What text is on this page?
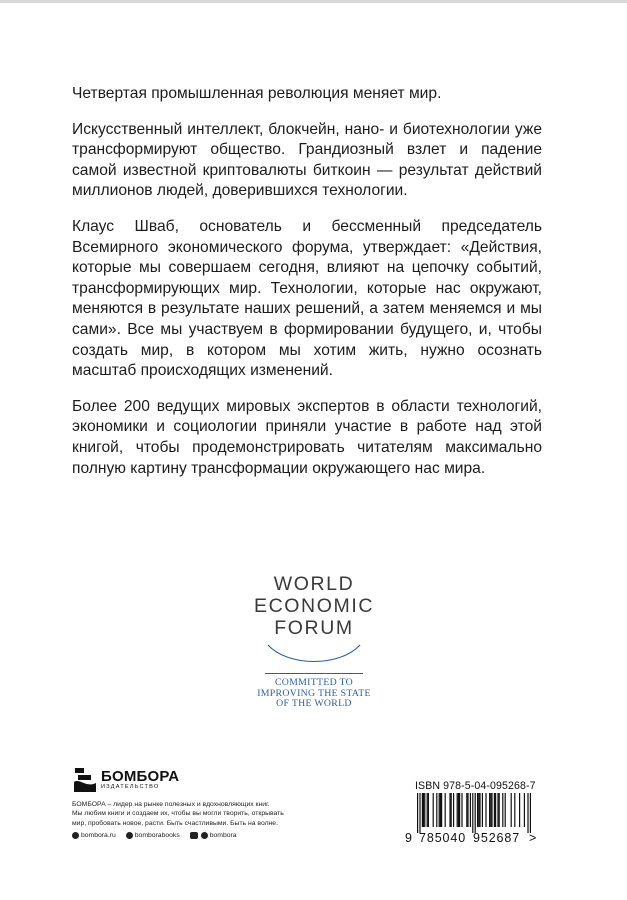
Четвертая промышленная революция меняет мир.

Искусственный интеллект, блокчейн, нано- и биотехнологии уже трансформируют общество. Грандиозный взлет и падение самой известной криптовалюты биткоин — результат действий миллионов людей, доверившихся технологии.

Клаус Шваб, основатель и бессменный председатель Всемирного экономического форума, утверждает: «Действия, которые мы совершаем сегодня, влияют на цепочку событий, трансформирующих мир. Технологии, которые нас окружают, меняются в результате наших решений, а затем меняемся и мы сами». Все мы участвуем в формировании будущего, и, чтобы создать мир, в котором мы хотим жить, нужно осознать масштаб происходящих изменений.

Более 200 ведущих мировых экспертов в области технологий, экономики и социологии приняли участие в работе над этой книгой, чтобы продемонстрировать читателям максимально полную картину трансформации окружающего нас мира.

WORLD
ECONOMIC
FORUM
COMMITTED TO
IMPROVING THE STATE
OF THE WORLD
БОМБОРА
ИЗДАТЕЛЬСТВО
БОМБОРА – лидер на рынке полезных и вдохновляющих книг.
Мы любим книги и создаем их, чтобы вы могли творить, открывать
мир, пробовать новое, расти. Быть счастливыми. Быть на волне.
bombora.ru	bomborabooks	bombora
ISBN 978-5-04-095268-7
9 785040 952687 >
